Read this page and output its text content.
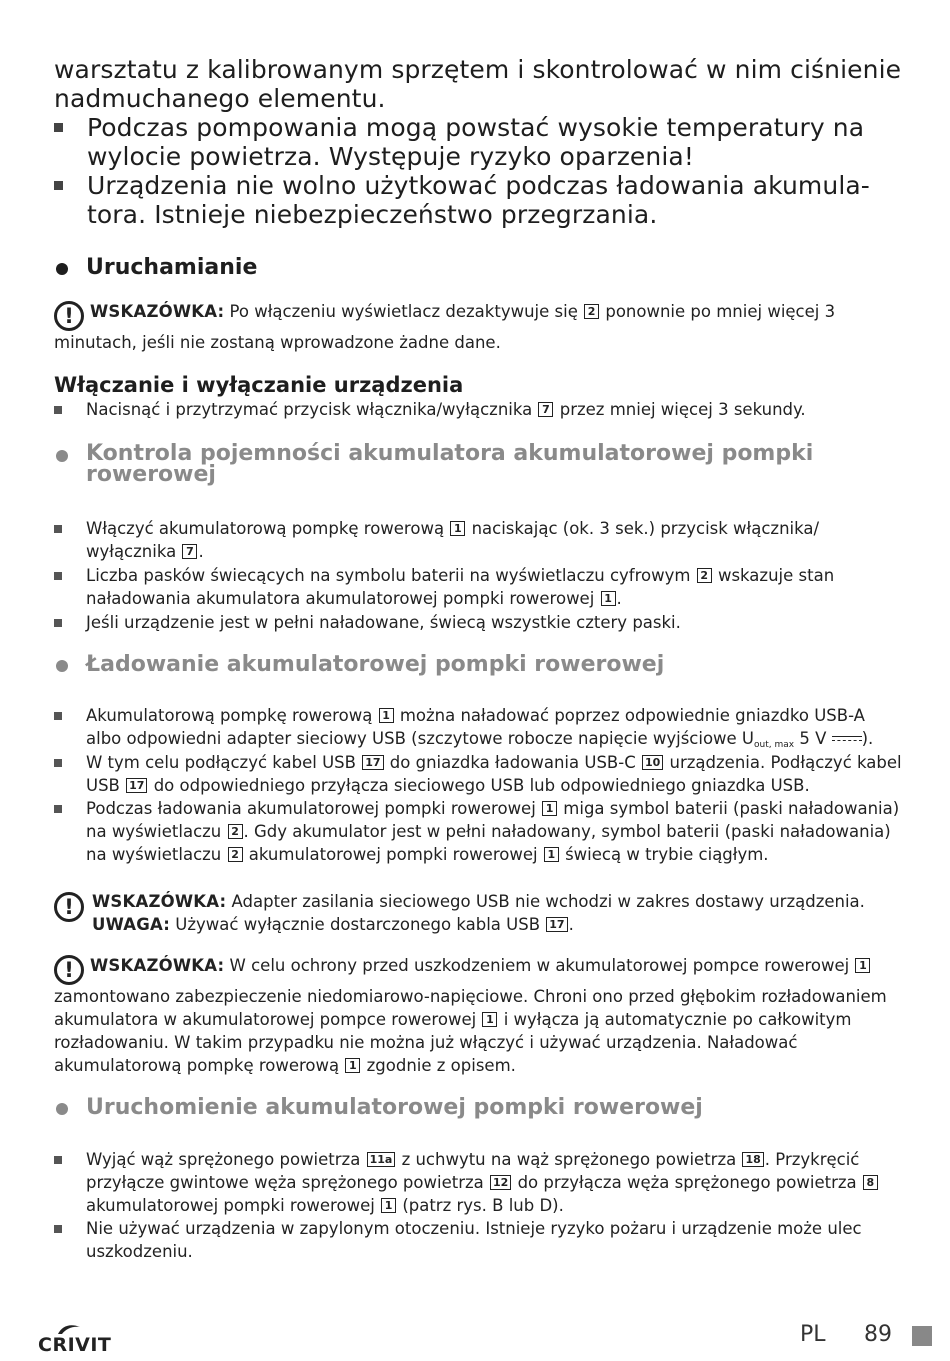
warsztatu z kalibrowanym sprzętem i skontrolować w nim ciśnienie nadmuchanego elementu.
Podczas pompowania mogą powstać wysokie temperatury na wylocie powietrza. Występuje ryzyko oparzenia!
Urządzenia nie wolno użytkować podczas ładowania akumula-tora. Istnieje niebezpieczeństwo przegrzania.
Uruchamianie
! WSKAZÓWKA: Po włączeniu wyświetlacz dezaktywuje się 2 ponownie po mniej więcej 3 minutach, jeśli nie zostaną wprowadzone żadne dane.
Włączanie i wyłączanie urządzenia
Nacisnąć i przytrzymać przycisk włącznika/wyłącznika 7 przez mniej więcej 3 sekundy.
Kontrola pojemności akumulatora akumulatorowej pompki rowerowej
Włączyć akumulatorową pompkę rowerową 1 naciskając (ok. 3 sek.) przycisk włącznika/ wyłącznika 7 .
Liczba pasków świecących na symbolu baterii na wyświetlaczu cyfrowym 2 wskazuje stan naładowania akumulatora akumulatorowej pompki rowerowej 1 .
Jeśli urządzenie jest w pełni naładowane, świecą wszystkie cztery paski.
Ładowanie akumulatorowej pompki rowerowej
Akumulatorową pompkę rowerową 1 można naładować poprzez odpowiednie gniazdko USB-A albo odpowiedni adapter sieciowy USB (szczytowe robocze napięcie wyjściowe $U_{out, max}$ 5 V ).
W tym celu podłączyć kabel USB 17 do gniazdka ładowania USB-C 10 urządzenia. Podłączyć kabel USB 17 do odpowiedniego przyłącza sieciowego USB lub odpowiedniego gniazdka USB.
Podczas ładowania akumulatorowej pompki rowerowej 1 miga symbol baterii (paski naładowania) na wyświetlaczu 2 . Gdy akumulator jest w pełni naładowany, symbol baterii (paski naładowania) na wyświetlaczu 2 akumulatorowej pompki rowerowej 1 świecą w trybie ciągłym.
!	WSKAZÓWKA: Adapter zasilania sieciowego USB nie wchodzi w zakres dostawy urządzenia.
UWAGA: Używać wyłącznie dostarczonego kabla USB 17 .
! WSKAZÓWKA: W celu ochrony przed uszkodzeniem w akumulatorowej pompce rowerowej 1 zamontowano zabezpieczenie niedomiarowo-napięciowe. Chroni ono przed głębokim rozładowaniem akumulatora w akumulatorowej pompce rowerowej 1 i wyłącza ją automatycznie po całkowitym rozładowaniu. W takim przypadku nie można już włączyć i używać urządzenia. Naładować akumulatorową pompkę rowerową 1 zgodnie z opisem.
Uruchomienie akumulatorowej pompki rowerowej
Wyjąć wąż sprężonego powietrza 11a z uchwytu na wąż sprężonego powietrza 18 . Przykręcić przyłącze gwintowe węża sprężonego powietrza 12 do przyłącza węża sprężonego powietrza 8 akumulatorowej pompki rowerowej 1 (patrz rys. B lub D).
Nie używać urządzenia w zapylonym otoczeniu. Istnieje ryzyko pożaru i urządzenie może ulec uszkodzeniu.
CRIVIT	PL 89
